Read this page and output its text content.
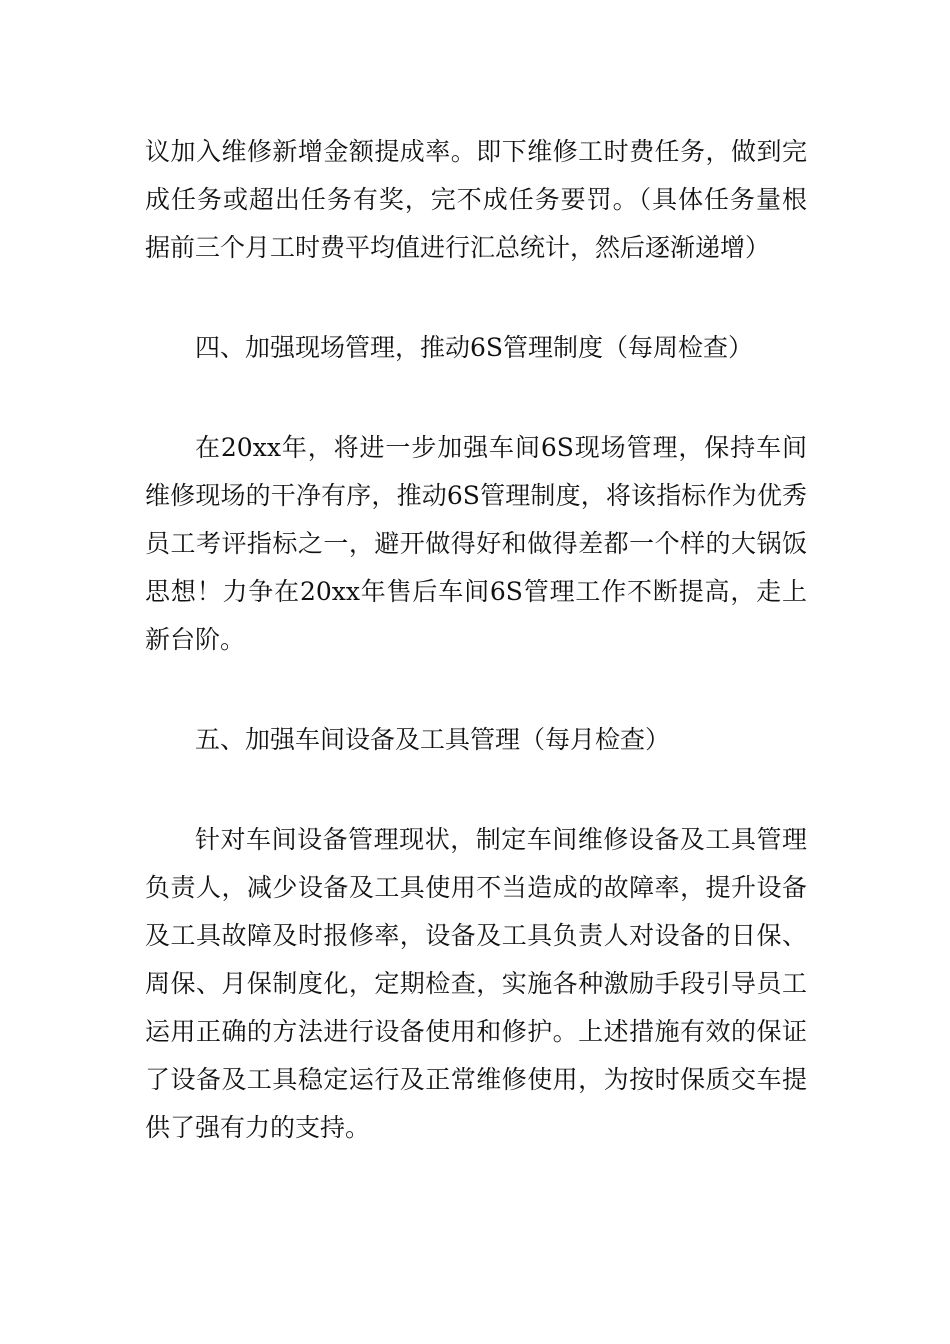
议加入维修新增金额提成率。即下维修工时费任务，做到完成任务或超出任务有奖，完不成任务要罚。（具体任务量根据前三个月工时费平均值进行汇总统计，然后逐渐递增）

四、加强现场管理，推动6S管理制度（每周检查）

在20xx年，将进一步加强车间6S现场管理，保持车间维修现场的干净有序，推动6S管理制度，将该指标作为优秀员工考评指标之一，避开做得好和做得差都一个样的大锅饭思想！力争在20xx年售后车间6S管理工作不断提高，走上新台阶。

五、加强车间设备及工具管理（每月检查）

针对车间设备管理现状，制定车间维修设备及工具管理负责人，减少设备及工具使用不当造成的故障率，提升设备及工具故障及时报修率，设备及工具负责人对设备的日保、周保、月保制度化，定期检查，实施各种激励手段引导员工运用正确的方法进行设备使用和修护。上述措施有效的保证了设备及工具稳定运行及正常维修使用，为按时保质交车提供了强有力的支持。
